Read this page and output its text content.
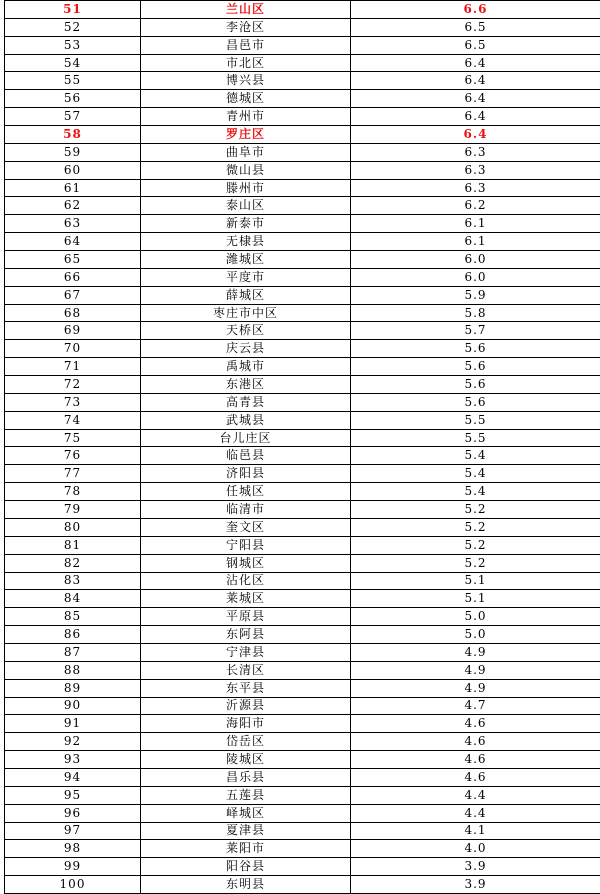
51	兰山区	6.6
52	李沧区	6.5
53	昌邑市	6.5
54	市北区	6.4
55	博兴县	6.4
56	德城区	6.4
57	青州市	6.4
58	罗庄区	6.4
59	曲阜市	6.3
60	微山县	6.3
61	滕州市	6.3
62	泰山区	6.2
63	新泰市	6.1
64	无棣县	6.1
65	潍城区	6.0
66	平度市	6.0
67	薛城区	5.9
68	枣庄市中区	5.8
69	天桥区	5.7
70	庆云县	5.6
71	禹城市	5.6
72	东港区	5.6
73	高青县	5.6
74	武城县	5.5
75	台儿庄区	5.5
76	临邑县	5.4
77	济阳县	5.4
78	任城区	5.4
79	临清市	5.2
80	奎文区	5.2
81	宁阳县	5.2
82	钢城区	5.2
83	沾化区	5.1
84	莱城区	5.1
85	平原县	5.0
86	东阿县	5.0
87	宁津县	4.9
88	长清区	4.9
89	东平县	4.9
90	沂源县	4.7
91	海阳市	4.6
92	岱岳区	4.6
93	陵城区	4.6
94	昌乐县	4.6
95	五莲县	4.4
96	峄城区	4.4
97	夏津县	4.1
98	莱阳市	4.0
99	阳谷县	3.9
100	东明县	3.9
